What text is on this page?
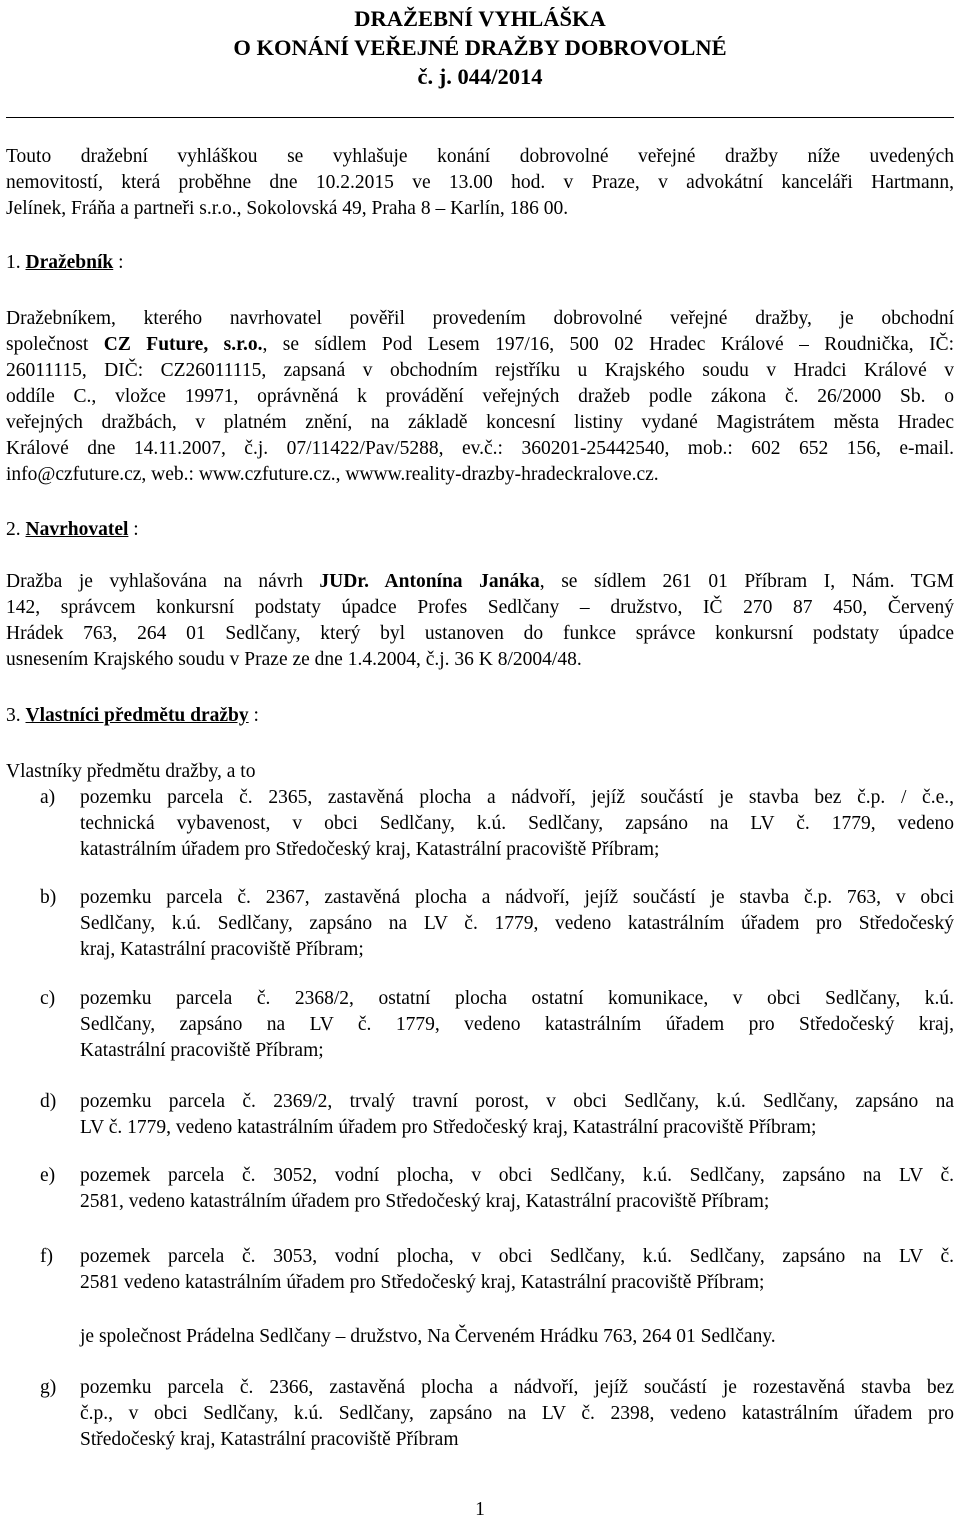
DRAŽEBNÍ VYHLÁŠKA
O KONÁNÍ VEŘEJNÉ DRAŽBY DOBROVOLNÉ
č. j. 044/2014
Touto dražební vyhláškou se vyhlašuje konání dobrovolné veřejné dražby níže uvedených
nemovitostí, která proběhne dne 10.2.2015 ve 13.00 hod. v Praze, v advokátní kanceláři Hartmann,
Jelínek, Fráňa a partneři s.r.o., Sokolovská 49, Praha 8 – Karlín, 186 00.
1. Dražebník :
Dražebníkem, kterého navrhovatel pověřil provedením dobrovolné veřejné dražby, je obchodní
společnost CZ Future, s.r.o., se sídlem Pod Lesem 197/16, 500 02 Hradec Králové – Roudnička, IČ:
26011115, DIČ: CZ26011115, zapsaná v obchodním rejstříku u Krajského soudu v Hradci Králové v
oddíle C., vložce 19971, oprávněná k provádění veřejných dražeb podle zákona č. 26/2000 Sb. o
veřejných dražbách, v platném znění, na základě koncesní listiny vydané Magistrátem města Hradec
Králové dne 14.11.2007, č.j. 07/11422/Pav/5288, ev.č.: 360201-25442540, mob.: 602 652 156, e-mail.
info@czfuture.cz, web.: www.czfuture.cz., wwww.reality-drazby-hradeckralove.cz.
2. Navrhovatel :
Dražba je vyhlašována na návrh JUDr. Antonína Janáka, se sídlem 261 01 Příbram I, Nám. TGM
142, správcem konkursní podstaty úpadce Profes Sedlčany – družstvo, IČ 270 87 450, Červený
Hrádek 763, 264 01 Sedlčany, který byl ustanoven do funkce správce konkursní podstaty úpadce
usnesením Krajského soudu v Praze ze dne 1.4.2004, č.j. 36 K 8/2004/48.
3. Vlastníci předmětu dražby :
Vlastníky předmětu dražby, a to
a) pozemku parcela č. 2365, zastavěná plocha a nádvoří, jejíž součástí je stavba bez č.p. / č.e.,
technická vybavenost, v obci Sedlčany, k.ú. Sedlčany, zapsáno na LV č. 1779, vedeno
katastrálním úřadem pro Středočeský kraj, Katastrální pracoviště Příbram;
b) pozemku parcela č. 2367, zastavěná plocha a nádvoří, jejíž součástí je stavba č.p. 763, v obci
Sedlčany, k.ú. Sedlčany, zapsáno na LV č. 1779, vedeno katastrálním úřadem pro Středočeský
kraj, Katastrální pracoviště Příbram;
c) pozemku parcela č. 2368/2, ostatní plocha ostatní komunikace, v obci Sedlčany, k.ú.
Sedlčany, zapsáno na LV č. 1779, vedeno katastrálním úřadem pro Středočeský kraj,
Katastrální pracoviště Příbram;
d) pozemku parcela č. 2369/2, trvalý travní porost, v obci Sedlčany, k.ú. Sedlčany, zapsáno na
LV č. 1779, vedeno katastrálním úřadem pro Středočeský kraj, Katastrální pracoviště Příbram;
e) pozemek parcela č. 3052, vodní plocha, v obci Sedlčany, k.ú. Sedlčany, zapsáno na LV č.
2581, vedeno katastrálním úřadem pro Středočeský kraj, Katastrální pracoviště Příbram;
f) pozemek parcela č. 3053, vodní plocha, v obci Sedlčany, k.ú. Sedlčany, zapsáno na LV č.
2581 vedeno katastrálním úřadem pro Středočeský kraj, Katastrální pracoviště Příbram;
je společnost Prádelna Sedlčany – družstvo, Na Červeném Hrádku 763, 264 01 Sedlčany.
g) pozemku parcela č. 2366, zastavěná plocha a nádvoří, jejíž součástí je rozestavěná stavba bez
č.p., v obci Sedlčany, k.ú. Sedlčany, zapsáno na LV č. 2398, vedeno katastrálním úřadem pro
Středočeský kraj, Katastrální pracoviště Příbram
1
